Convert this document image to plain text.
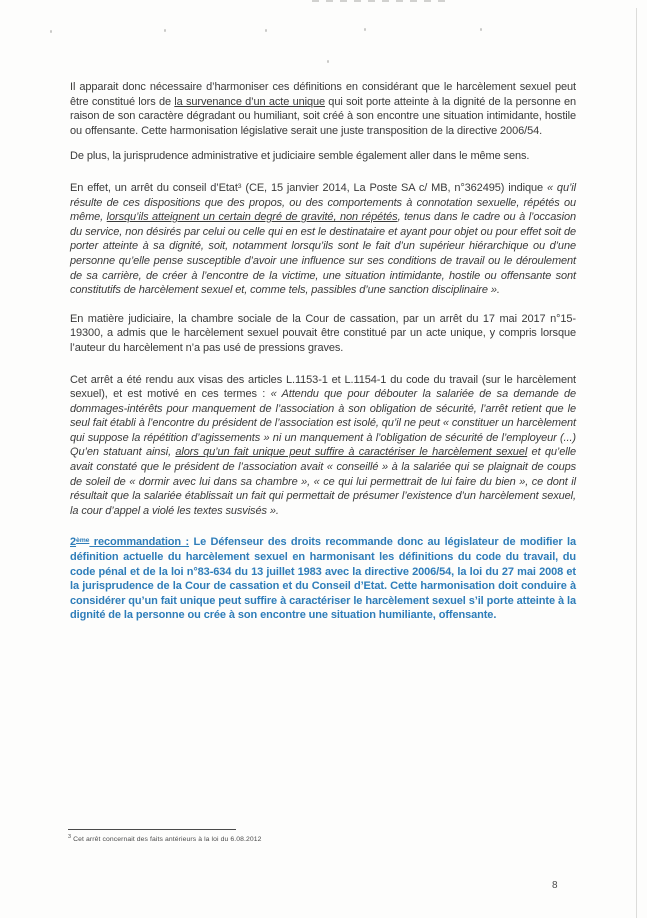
Il apparait donc nécessaire d’harmoniser ces définitions en considérant que le harcèlement sexuel peut être constitué lors de la survenance d’un acte unique qui soit porte atteinte à la dignité de la personne en raison de son caractère dégradant ou humiliant, soit créé à son encontre une situation intimidante, hostile ou offensante. Cette harmonisation législative serait une juste transposition de la directive 2006/54.

De plus, la jurisprudence administrative et judiciaire semble également aller dans le même sens.

En effet, un arrêt du conseil d’Etat$^3$ (CE, 15 janvier 2014, La Poste SA c/ MB, n°362495) indique « qu’il résulte de ces dispositions que des propos, ou des comportements à connotation sexuelle, répétés ou même, lorsqu’ils atteignent un certain degré de gravité, non répétés, tenus dans le cadre ou à l’occasion du service, non désirés par celui ou celle qui en est le destinataire et ayant pour objet ou pour effet soit de porter atteinte à sa dignité, soit, notamment lorsqu’ils sont le fait d’un supérieur hiérarchique ou d’une personne qu’elle pense susceptible d’avoir une influence sur ses conditions de travail ou le déroulement de sa carrière, de créer à l’encontre de la victime, une situation intimidante, hostile ou offensante sont constitutifs de harcèlement sexuel et, comme tels, passibles d’une sanction disciplinaire ».

En matière judiciaire, la chambre sociale de la Cour de cassation, par un arrêt du 17 mai 2017 n°15-19300, a admis que le harcèlement sexuel pouvait être constitué par un acte unique, y compris lorsque l’auteur du harcèlement n’a pas usé de pressions graves.

Cet arrêt a été rendu aux visas des articles L.1153-1 et L.1154-1 du code du travail (sur le harcèlement sexuel), et est motivé en ces termes : « Attendu que pour débouter la salariée de sa demande de dommages-intérêts pour manquement de l’association à son obligation de sécurité, l’arrêt retient que le seul fait établi à l’encontre du président de l’association est isolé, qu’il ne peut « constituer un harcèlement qui suppose la répétition d’agissements » ni un manquement à l’obligation de sécurité de l’employeur (...) Qu’en statuant ainsi, alors qu’un fait unique peut suffire à caractériser le harcèlement sexuel et qu’elle avait constaté que le président de l’association avait « conseillé » à la salariée qui se plaignait de coups de soleil de « dormir avec lui dans sa chambre », « ce qui lui permettrait de lui faire du bien », ce dont il résultait que la salariée établissait un fait qui permettait de présumer l’existence d’un harcèlement sexuel, la cour d’appel a violé les textes susvisés ».

2ème recommandation : Le Défenseur des droits recommande donc au législateur de modifier la définition actuelle du harcèlement sexuel en harmonisant les définitions du code du travail, du code pénal et de la loi n°83-634 du 13 juillet 1983 avec la directive 2006/54, la loi du 27 mai 2008 et la jurisprudence de la Cour de cassation et du Conseil d’Etat. Cette harmonisation doit conduire à considérer qu’un fait unique peut suffire à caractériser le harcèlement sexuel s’il porte atteinte à la dignité de la personne ou crée à son encontre une situation humiliante, offensante.

$^3$ Cet arrêt concernait des faits antérieurs à la loi du 6.08.2012
8
